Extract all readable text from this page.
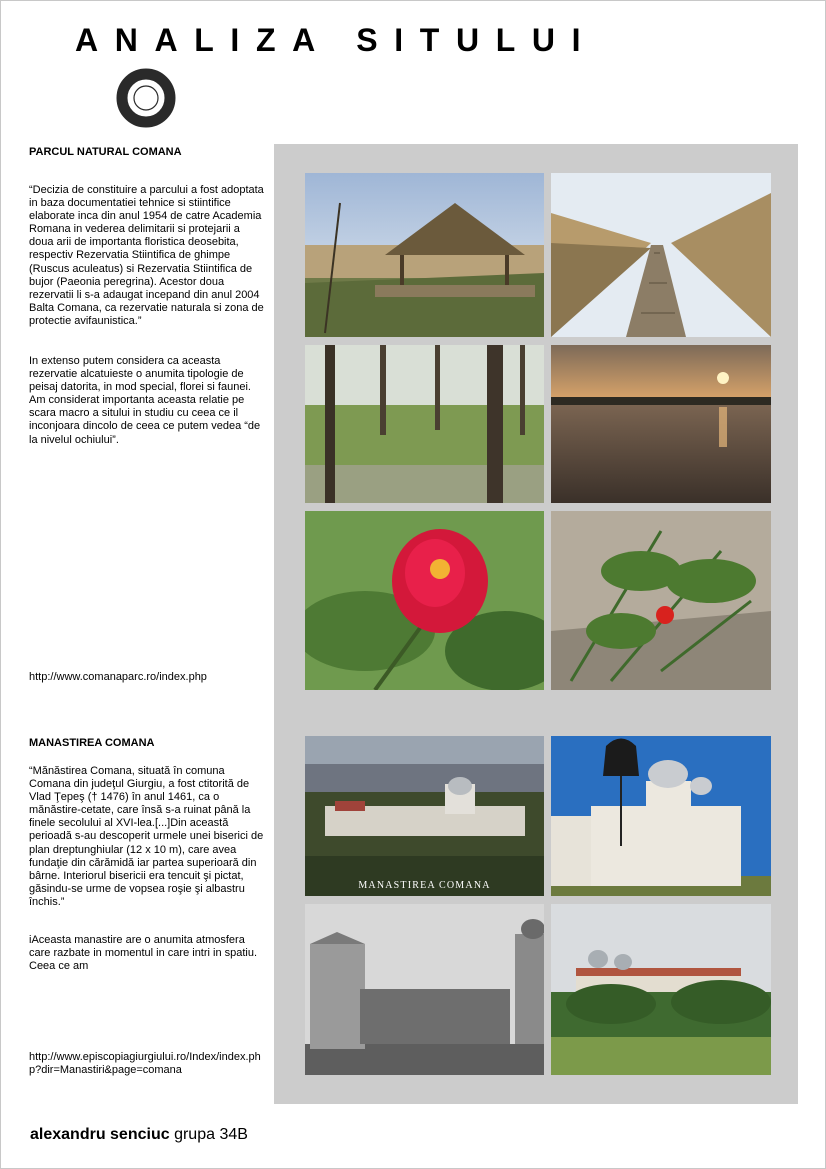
ANALIZA SITULUI
PARCUL NATURAL COMANA

“Decizia de constituire a parcului a fost adoptata in baza documentatiei tehnice si stiintifice elaborate inca din anul 1954 de catre Academia Romana in vederea delimitarii si protejarii a doua arii de importanta floristica deosebita, respectiv Rezervatia Stiintifica de ghimpe (Ruscus aculeatus) si Rezervatia Stiintifica de bujor (Paeonia peregrina). Acestor doua rezervatii li s-a adaugat incepand din anul 2004 Balta Comana, ca rezervatie naturala si zona de protectie avifaunistica.”

In extenso putem considera ca aceasta rezervatie alcatuieste o anumita tipologie de peisaj datorita, in mod special, florei si faunei. Am considerat importanta aceasta relatie pe scara macro a sitului in studiu cu ceea ce il inconjoara dincolo de ceea ce putem vedea “de la nivelul ochiului”.

http://www.comanaparc.ro/index.php
MANASTIREA COMANA

“Mănăstirea Comana, situată în comuna Comana din judeţul Giurgiu, a fost ctitorită de Vlad Ţepeş († 1476) în anul 1461, ca o mănăstire-cetate, care însă s-a ruinat până la finele secolului al XVI-lea.[...]Din această perioadă s-au descoperit urmele unei biserici de plan dreptunghiular (12 x 10 m), care avea fundaţie din cărămidă iar partea superioară din bârne. Interiorul bisericii era tencuit şi pictat, găsindu-se urme de vopsea roşie şi albastru închis.”

iAceasta manastire are o anumita atmosfera care razbate in momentul in care intri in spatiu. Ceea ce am

http://www.episcopiagiurgiului.ro/Index/index.php?dir=Manastiri&page=comana
MANASTIREA COMANA
alexandru senciuc grupa 34B
